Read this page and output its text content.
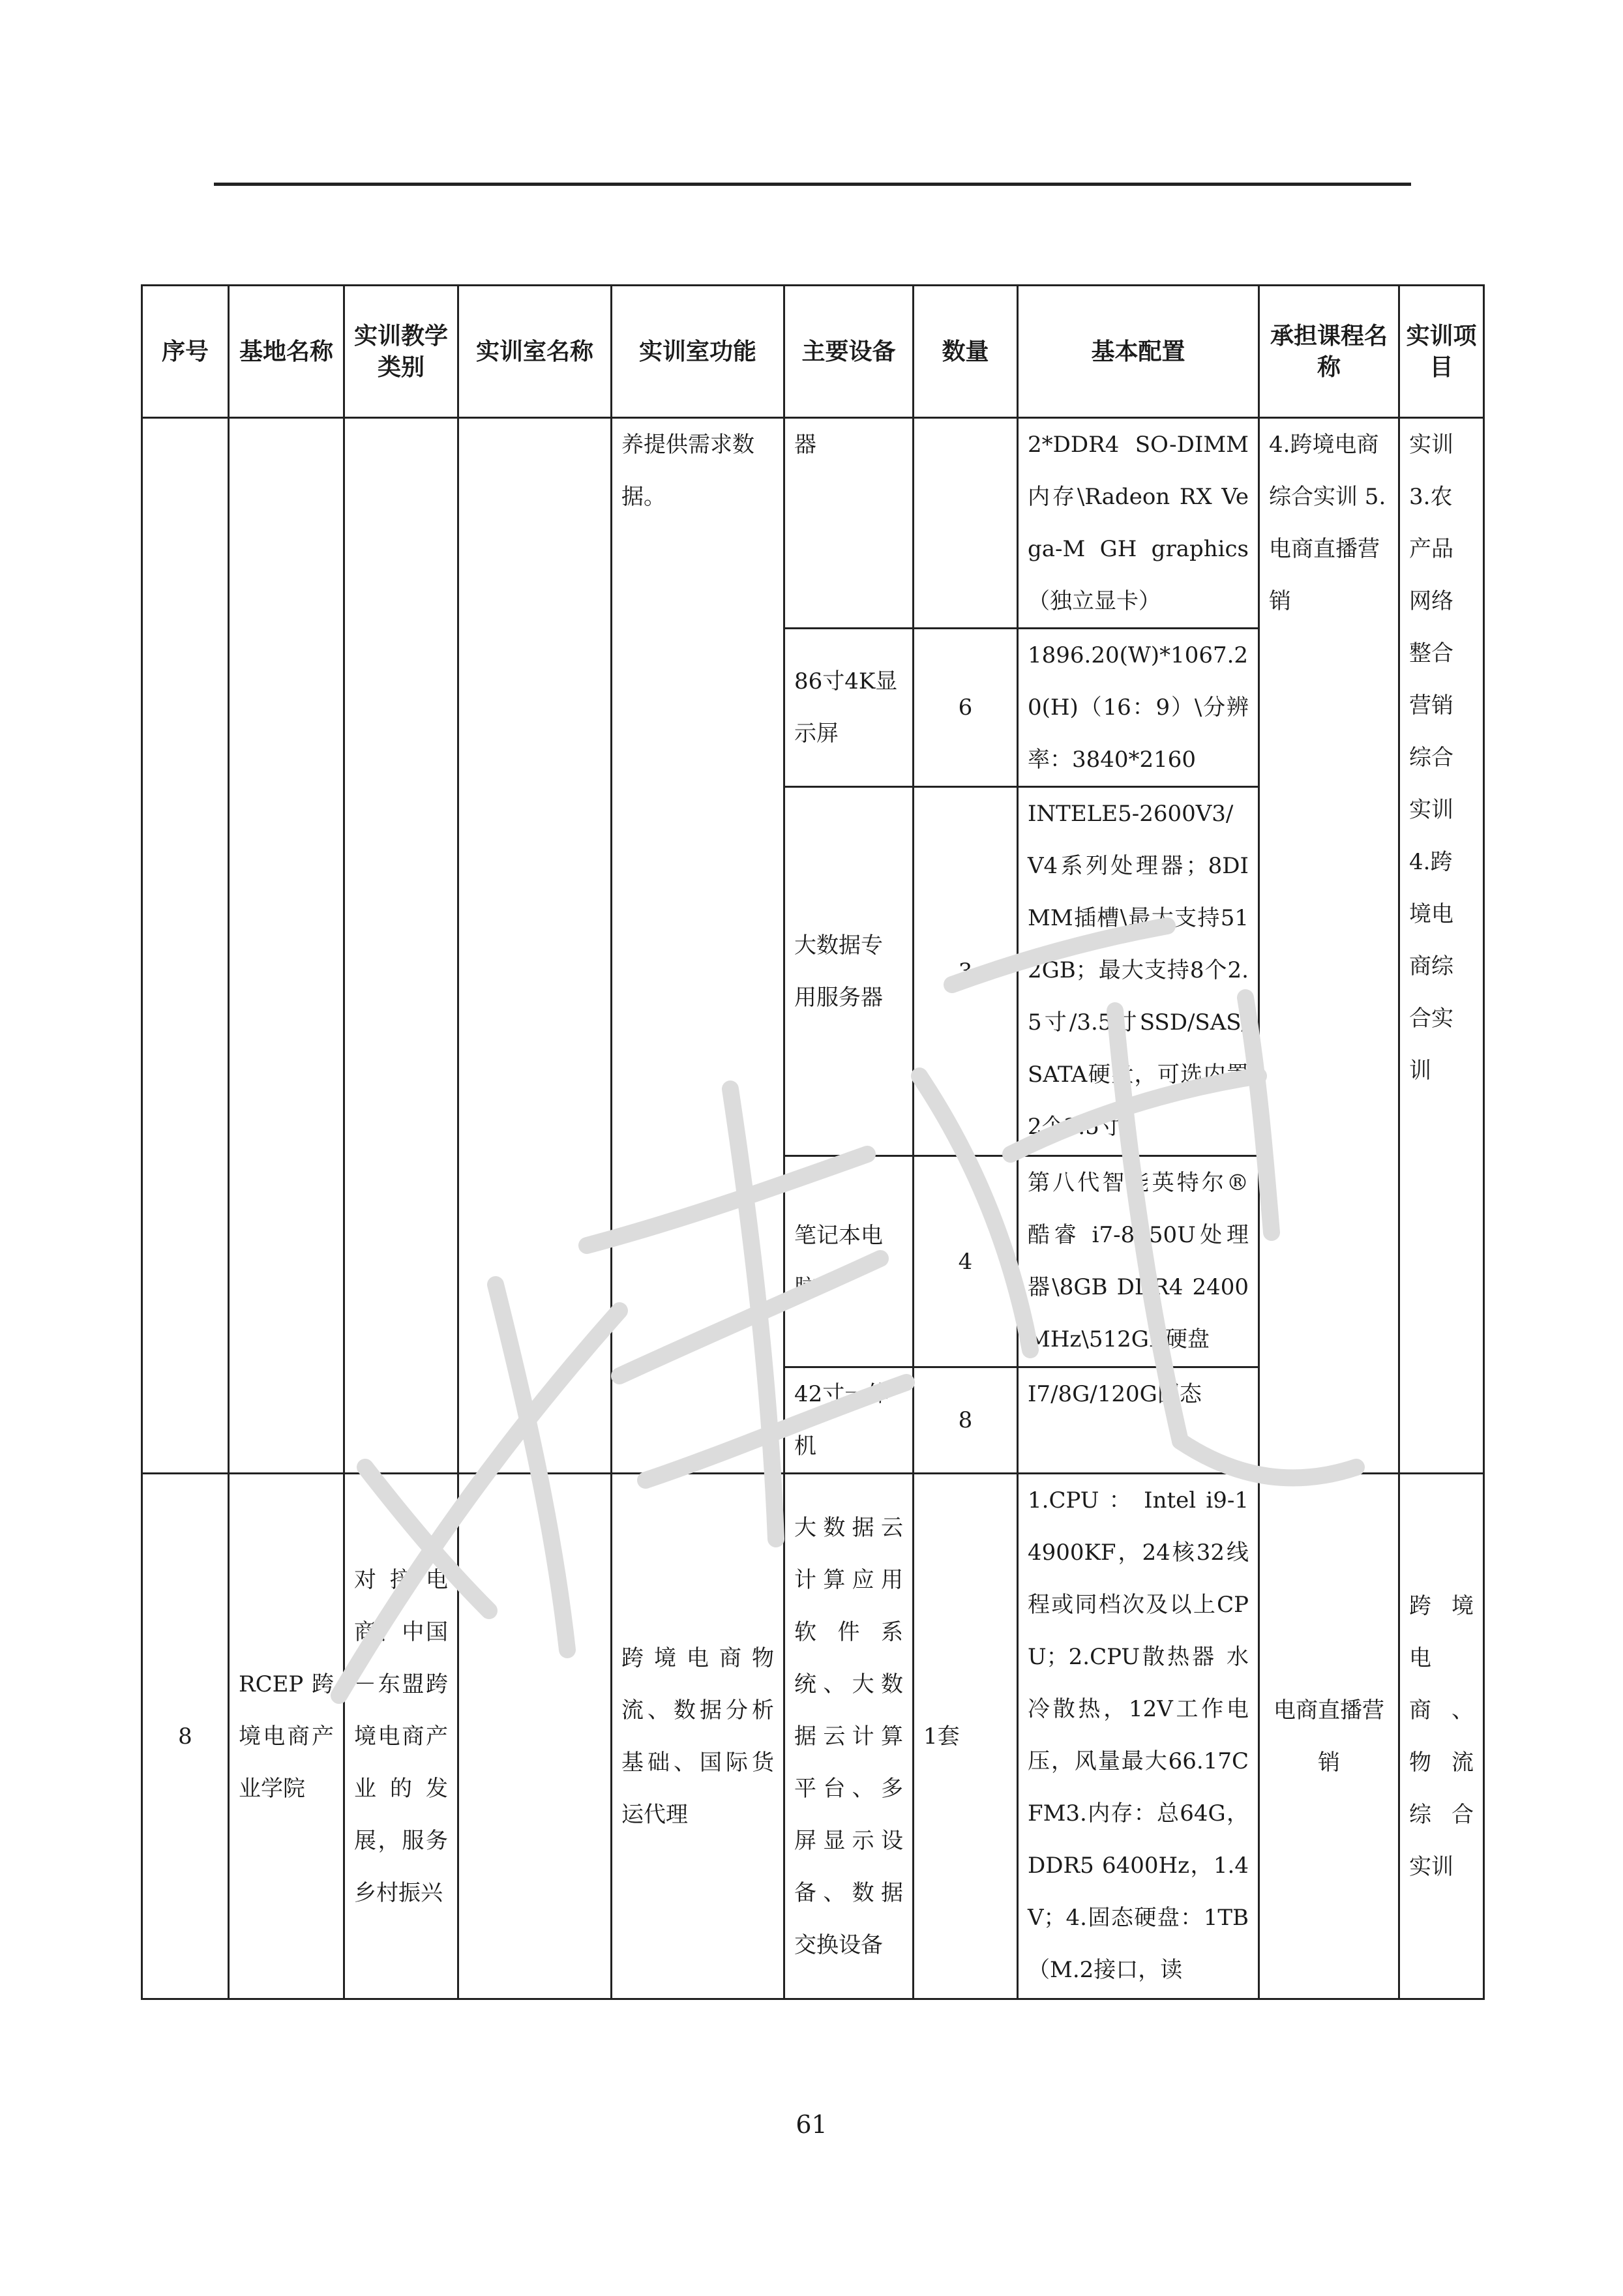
序号	基地名称	实训教学类别	实训室名称	实训室功能	主要设备	数量	基本配置	承担课程名称	实训项目
				养提供需求数据。	器		2*DDR4 SO-DIMM 内存\Radeon RX Vega-M GH graphics（独立显卡）	4.跨境电商综合实训 5.电商直播营销	实训 3.农产品网络整合营销综合实训 4.跨境电商综合实训
					86寸4K显示屏	6	1896.20(W)*1067.20(H)（16：9）\分辨率：3840*2160		
					大数据专用服务器	3	INTELE5-2600V3/V4系列处理器；8DIMM插槽\最大支持512GB；最大支持8个2.5寸/3.5寸SSD/SAS/SATA硬盘，可选内置2个2.5寸		
					笔记本电脑	4	第八代智能英特尔®酷睿 i7-8550U处理器\8GB DDR4 2400MHz\512GB硬盘		
					42寸一体机	8	I7/8G/120G固态		
8	RCEP跨境电商产业学院	对接电商、中国－东盟跨境电商产业的发展，服务乡村振兴		跨境电商物流、数据分析基础、国际货运代理	大数据云计算应用软件系统、大数据云计算平台、多屏显示设备、数据交换设备	1套	1.CPU ： Intel i9-14900KF，24核32线程或同档次及以上CPU；2.CPU散热器 水冷散热，12V工作电压，风量最大66.17CFM3.内存：总64G，DDR5 6400Hz，1.4V；4.固态硬盘：1TB（M.2接口，读	电商直播营销	跨境电商、物流综合实训
61
